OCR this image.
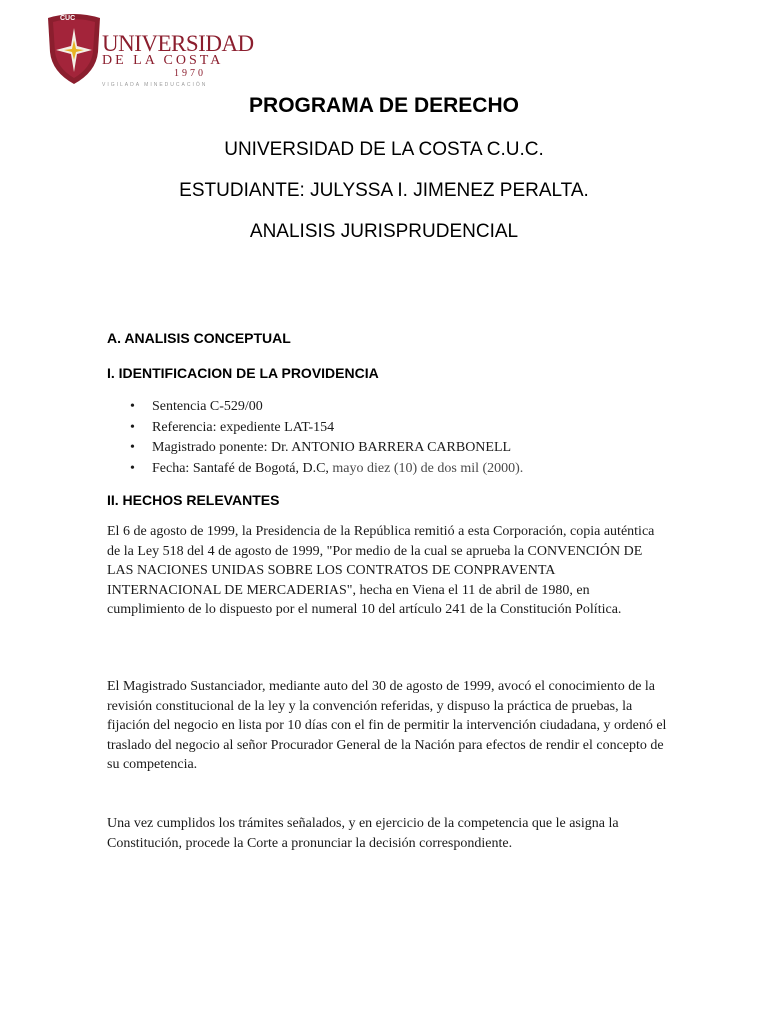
CUC
UNIVERSIDAD
DE LA COSTA
1970
VIGILADA MINEDUCACIÓN
PROGRAMA DE DERECHO
UNIVERSIDAD DE LA COSTA C.U.C.
ESTUDIANTE: JULYSSA I. JIMENEZ PERALTA.
ANALISIS JURISPRUDENCIAL
A. ANALISIS CONCEPTUAL
I. IDENTIFICACION DE LA PROVIDENCIA
• Sentencia C-529/00
• Referencia: expediente LAT-154
• Magistrado ponente: Dr. ANTONIO BARRERA CARBONELL
• Fecha: Santafé de Bogotá, D.C, mayo diez (10) de dos mil (2000).
II. HECHOS RELEVANTES
El 6 de agosto de 1999, la Presidencia de la República remitió a esta Corporación, copia auténtica de la Ley 518 del 4 de agosto de 1999, "Por medio de la cual se aprueba la CONVENCIÓN DE LAS NACIONES UNIDAS SOBRE LOS CONTRATOS DE CONPRAVENTA INTERNACIONAL DE MERCADERIAS", hecha en Viena el 11 de abril de 1980, en cumplimiento de lo dispuesto por el numeral 10 del artículo 241 de la Constitución Política.
El Magistrado Sustanciador, mediante auto del 30 de agosto de 1999, avocó el conocimiento de la revisión constitucional de la ley y la convención referidas, y dispuso la práctica de pruebas, la fijación del negocio en lista por 10 días con el fin de permitir la intervención ciudadana, y ordenó el traslado del negocio al señor Procurador General de la Nación para efectos de rendir el concepto de su competencia.
Una vez cumplidos los trámites señalados, y en ejercicio de la competencia que le asigna la Constitución, procede la Corte a pronunciar la decisión correspondiente.
